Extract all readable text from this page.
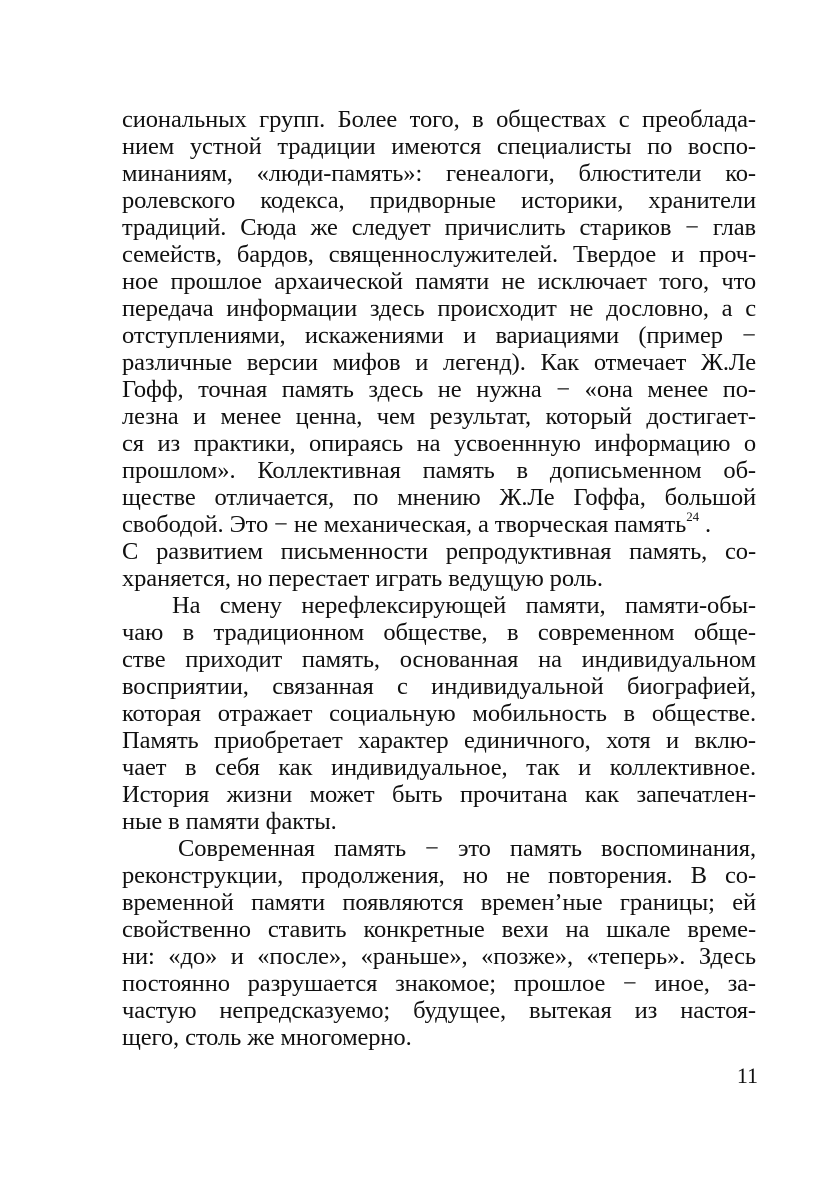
сиональных групп. Более того, в обществах с преоблада-
нием устной традиции имеются специалисты по воспо-
минаниям, «люди-память»: генеалоги, блюстители ко-
ролевского кодекса, придворные историки, хранители
традиций. Сюда же следует причислить стариков − глав
семейств, бардов, священнослужителей. Твердое и проч-
ное прошлое архаической памяти не исключает того, что
передача информации здесь происходит не дословно, а с
отступлениями, искажениями и вариациями (пример −
различные версии мифов и легенд). Как отмечает Ж.Ле
Гофф, точная память здесь не нужна − «она менее по-
лезна и менее ценна, чем результат, который достигает-
ся из практики, опираясь на усвоеннную информацию о
прошлом». Коллективная память в дописьменном об-
ществе отличается, по мнению Ж.Ле Гоффа, большой
свободой. Это − не механическая, а творческая память$^{24}$ .
С развитием письменности репродуктивная память, со-
храняется, но перестает играть ведущую роль.
На смену нерефлексирующей памяти, памяти-обы-
чаю в традиционном обществе, в современном обще-
стве приходит память, основанная на индивидуальном
восприятии, связанная с индивидуальной биографией,
которая отражает социальную мобильность в обществе.
Память приобретает характер единичного, хотя и вклю-
чает в себя как индивидуальное, так и коллективное.
История жизни может быть прочитана как запечатлен-
ные в памяти факты.
Современная память − это память воспоминания,
реконструкции, продолжения, но не повторения. В со-
временной памяти появляются времен’ные границы; ей
свойственно ставить конкретные вехи на шкале време-
ни: «до» и «после», «раньше», «позже», «теперь». Здесь
постоянно разрушается знакомое; прошлое − иное, за-
частую непредсказуемо; будущее, вытекая из настоя-
щего, столь же многомерно.
11
